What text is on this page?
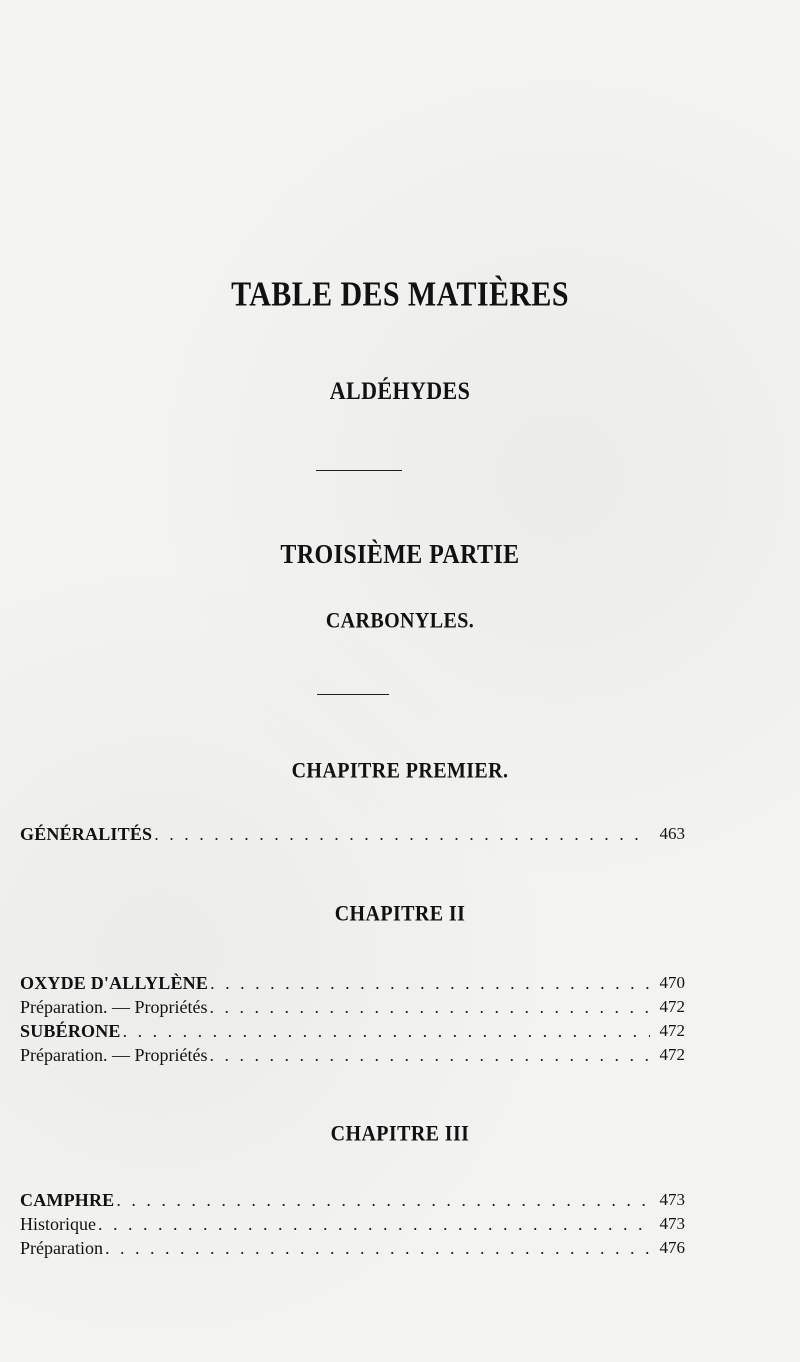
TABLE DES MATIÈRES
ALDÉHYDES
TROISIÈME PARTIE
CARBONYLES.
CHAPITRE PREMIER.
GÉNÉRALITÉS . . .	463
CHAPITRE II
OXYDE D'ALLYLÈNE . . .	470
Préparation. — Propriétés . . .	472
SUBÉRONE . . .	472
Préparation. — Propriétés . . .	472
CHAPITRE III
CAMPHRE . . .	473
Historique . . .	473
Préparation . . .	476
